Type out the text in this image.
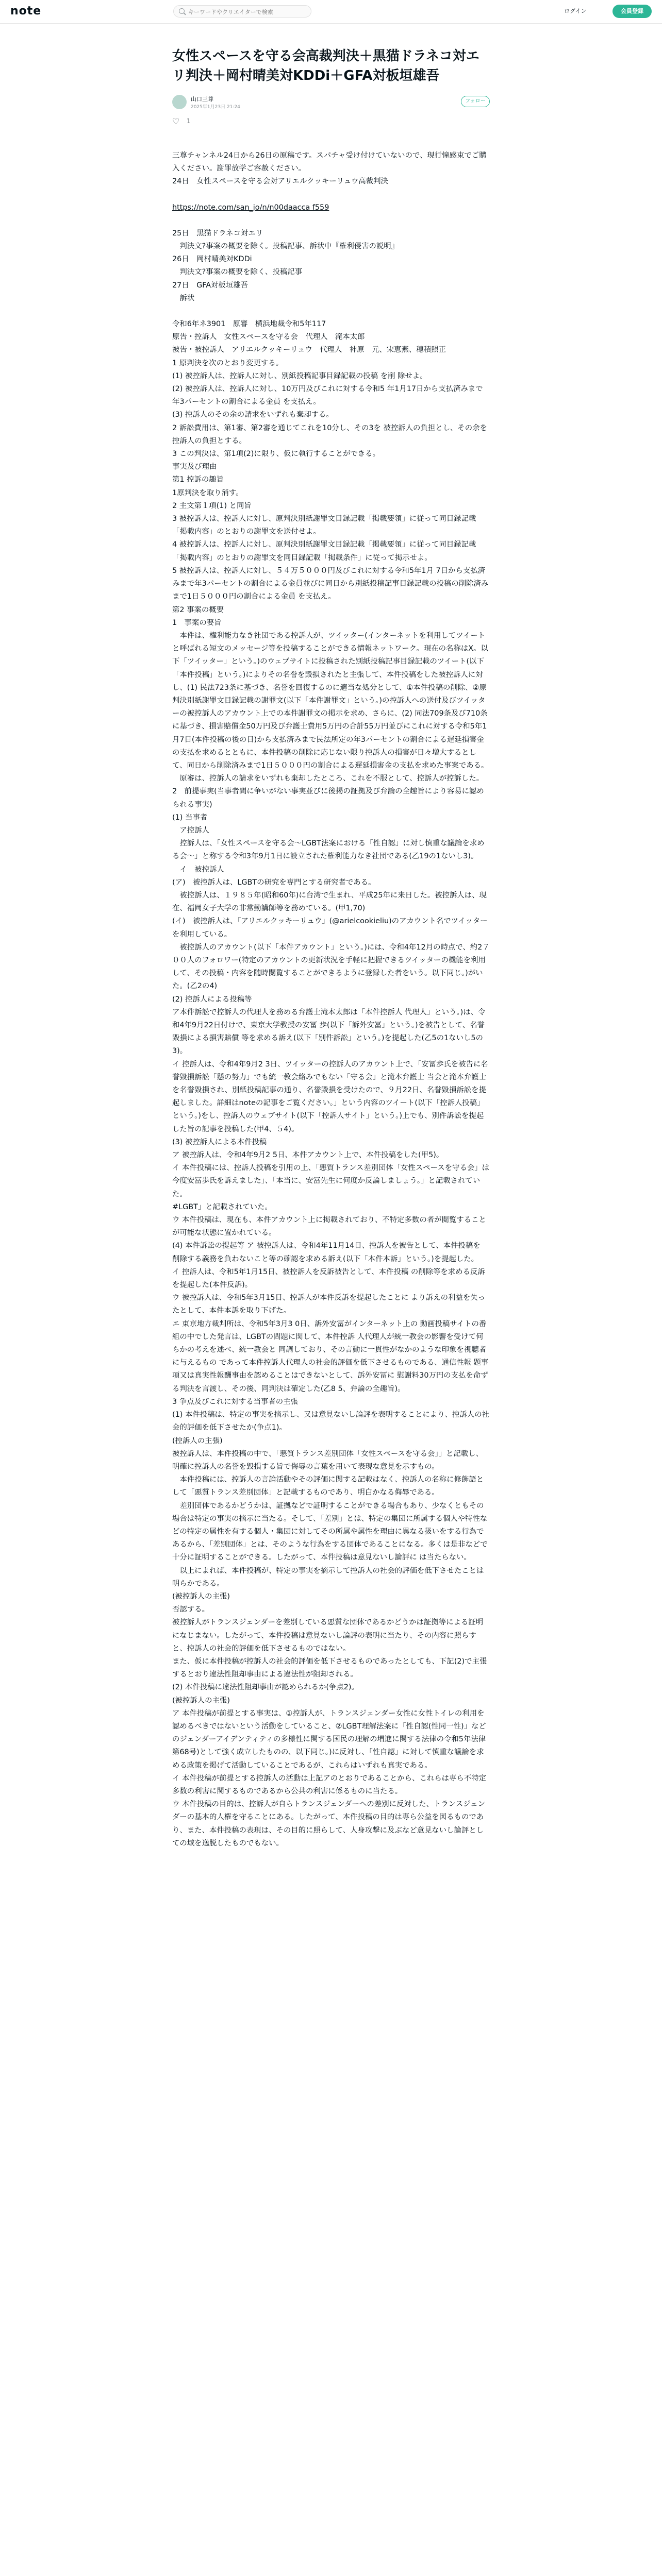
note
キーワードやクリエイターで検索	ログイン	会員登録
女性スペースを守る会高裁判決＋黒猫ドラネコ対エリ判決＋岡村晴美対KDDi＋GFA対板垣雄吾
山口三尊
2025年1月23日 21:24
フォロー
♡ 1

三尊チャンネル24日から26日の原稿です。スパチャ受け付けていないので、現行憧感束でご購入ください。謝罪放学ご容赦ください。

24日　女性スペースを守る会対アリエルクッキーリュウ高裁判決

https://note.com/san_jo/n/n00daacca f559

25日　黒猫ドラネコ対エリ
　判決文?事案の概要を除く。投稿記事、訴状中『権利侵害の説明』

26日　岡村晴美対KDDi
　判決文?事案の概要を除く、投稿記事

27日　GFA対板垣雄吾
　訴状

令和6年ネ3901　原審　横浜地裁令和5年117
原告・控訴人　女性スペースを守る会　代理人　滝本太郎
被告・被控訴人　アリエルクッキーリュウ　代理人　神原　元、宋恵燕、穂積照正
1 原判決を次のとおり変更する。
(1) 被控訴人は、控訴人に対し、別紙投稿記事目録記載の投稿 を削 除せよ。
(2) 被控訴人は、控訴人に対し、10万円及びこれに対する令和5 年1月17日から支払済みまで年3パーセントの割合による金員 を支払え。
(3) 控訴人のその余の請求をいずれも棄却する。
2 訴訟費用は、第1審、第2審を通じてこれを10分し、その3を 被控訴人の負担とし、その余を控訴人の負担とする。
3 この判決は、第1項(2)に限り、仮に執行することができる。
事実及び理由
第1 控訴の趣旨
1原判決を取り消す。
2 主文第１項(1) と同旨
3 被控訴人は、控訴人に対し、原判決別紙謝罪文目録記載「掲載要領」に従って同目録記載「掲載内容」のとおりの謝罪文を送付せよ。
4 被控訴人は、控訴人に対し、原判決別紙謝罪文目録記載「掲載要領」に従って同目録記載「掲載内容」のとおりの謝罪文を同目録記載「掲載条件」に従って掲示せよ。
5 被控訴人は、控訴人に対し、５４万５０００円及びこれに対する令和5年1月 7日から支払済みまで年3パーセントの割合による金員並びに同日から別紙投稿記事目録記載の投稿の削除済みまで1日５０００円の割合による金員 を支払え。
第2 事案の概要
1　事案の要旨
　本件は、権利能力なき社団である控訴人が、ツイッター(インターネットを利用してツイートと呼ばれる短文のメッセージ等を投稿することができる情報ネットワーク。現在の名称はX。以下「ツイッター」という。)のウェブサイトに投稿された別紙投稿記事目録記載のツイート(以下「本件投稿」という。)によりその名誉を毀損されたと主張して、本件投稿をした被控訴人に対し、(1) 民法723条に基づき、名誉を回復するのに適当な処分として、①本件投稿の削除、②原判決別紙謝罪文目録記載の謝罪文(以下「本件謝罪文」という。)の控訴人への送付及びツイッターの被控訴人のアカウント上での本件謝罪文の掲示を求め、さらに、(2) 同法709条及び710条に基づき、損害賠償金50万円及び弁護士費用5万円の合計55万円並びにこれに対する令和5年1月7日(本件投稿の後の日)から支払済みまで民法所定の年3パーセントの割合による遅延損害金の支払を求めるとともに、本件投稿の削除に応じない限り控訴人の損害が日々増大するとして、同日から削除済みまで1日５０００円の割合による遅延損害金の支払を求めた事案である。
　原審は、控訴人の請求をいずれも棄却したところ、これを不服として、控訴人が控訴した。
2　前提事実(当事者間に争いがない事実並びに後掲の証拠及び弁論の全趣旨により容易に認められる事実)
(1) 当事者
　ア控訴人
　控訴人は、「女性スペースを守る会～LGBT法案における「性自認」に対し慎重な議論を求める会～」と称する令和3年9月1日に設立された権利能力なき社団である(乙19の1ないし3)。
　イ　被控訴人
(ア)　被控訴人は、LGBTの研究を専門とする研究者である。
　被控訴人は、１９８５年(昭和60年)に台湾で生まれ、平成25年に来日した。被控訴人は、現在、福岡女子大学の非常勤講師等を務めている。(甲1,70)
(イ)　被控訴人は、「アリエルクッキーリュウ」(@arielcookieliu)のアカウント名でツイッターを利用している。
　被控訴人のアカウント(以下「本件アカウント」という。)には、令和4年12月の時点で、約2７００人のフォロワー(特定のアカウントの更新状況を手軽に把握できるツイッターの機能を利用して、その投稿・内容を随時閲覧することができるように登録した者をいう。以下同じ。)がいた。(乙2の4)
(2) 控訴人による投稿等
ア本件訴訟で控訴人の代理人を務める弁護士滝本太郎は「本件控訴人 代理人」という。)は、令和4年9月22日付けで、東京大学教授の安冨 歩(以下「訴外安冨」という。)を被告として、名誉毀損による損害賠償 等を求める訴え(以下「別件訴訟」という。)を提起した(乙5の1ないし5の3)。
イ 控訴人は、令和4年9月2 3日、ツイッターの控訴人のアカウント上で、「安冨歩氏を被告に名誉毀損訴訟「懸の努力」でも統一教会絡みでもない「守る会」と滝本弁護士 当会と滝本弁護士を名誉毀損され、別紙投稿記事の通り、名誉毀損を受けたので、９月22日、名誉毀損訴訟を提起しました。詳細はnoteの記事をご覧ください。」という内容のツイート(以下「控訴人投稿」という。)をし、控訴人のウェブサイト(以下「控訴人サイト」という。)上でも、別件訴訟を提起した旨の記事を投稿した(甲4、５4)。
(3) 被控訴人による本件投稿
ア 被控訴人は、令和4年9月2 5日、本件アカウント上で、本件投稿をした(甲5)。
イ 本件投稿には、控訴人投稿を引用の上、「悪質トランス差別団体「女性スペースを守る会」は今度安冨歩氏を訴えました」、「本当に、安冨先生に何度か反論しましょう。」と記載されていた。
#LGBT」と記載されていた。
ウ 本件投稿は、現在も、本件アカウント上に掲載されており、不特定多数の者が閲覧することが可能な状態に置かれている。
(4) 本件訴訟の提起等 ア 被控訴人は、令和4年11月14日、控訴人を被告として、本件投稿を 削除する義務を負わないこと等の確認を求める訴え(以下「本件本訴」という。)を提起した。
イ 控訴人は、令和5年1月15日、被控訴人を反訴被告として、本件投稿 の削除等を求める反訴を提起した(本件反訴)。
ウ 被控訴人は、令和5年3月15日、控訴人が本件反訴を提起したことに より訴えの利益を失ったとして、本件本訴を取り下げた。
エ 東京地方裁判所は、令和5年3月3 0日、訴外安冨がインターネット上の 動画投稿サイトの番組の中でした発言は、LGBTの問題に関して、本件控訴 人代理人が統一教会の影響を受けて何らかの考えを述べ、統一教会と 同調しており、その言動に一貫性がなかのような印象を視聴者に与えるもの であって本件控訴人代理人の社会的評価を低下させるものである、通信性報 題事項又は真実性報酬事由を認めることはできないとして、訴外安冨に 慰謝料30万円の支払を命ずる判決を言渡し、その後、同判決は確定した(乙8 5、弁論の全趣旨)。
3 争点及びこれに対する当事者の主張
(1) 本件投稿は、特定の事実を摘示し、又は意見ないし論評を表明することにより、控訴人の社会的評価を低下させたか(争点1)。
(控訴人の主張)
被控訴人は、本件投稿の中で、「悪質トランス差別団体「女性スペースを守る会」」と記載し、明確に控訴人の名誉を毀損する旨で侮辱の言葉を用いて表現な意見を示すもの。
　本件投稿には、控訴人の言論活動やその評価に関する記載はなく、控訴人の名称に修飾語として「悪質トランス差別団体」と記載するものであり、明白かなる侮辱である。
　差別団体であるかどうかは、証拠などで証明することができる場合もあり、少なくともその場合は特定の事実の摘示に当たる。そして、「差別」とは、特定の集団に所属する個人や特性などの特定の属性を有する個人・集団に対してその所属や属性を理由に異なる扱いをする行為であるから、「差別団体」とは、そのような行為をする団体であることになる。多くは是非などで十分に証明することができる。したがって、本件投稿は意見ないし論評に は当たらない。
　以上によれば、本件投稿が、特定の事実を摘示して控訴人の社会的評価を低下させたことは明らかである。
(被控訴人の主張)
否認する。
被控訴人がトランスジェンダーを差別している悪質な団体であるかどうかは証拠等による証明になじまない。したがって、本件投稿は意見ないし論評の表明に当たり、その内容に照らすと、控訴人の社会的評価を低下させるものではない。
また、仮に本件投稿が控訴人の社会的評価を低下させるものであったとしても、下記(2)で主張するとおり違法性阻却事由による違法性が阻却される。
(2) 本件投稿に違法性阻却事由が認められるか(争点2)。
(被控訴人の主張)
ア 本件投稿が前提とする事実は、①控訴人が、トランスジェンダー女性に女性トイレの利用を認めるべきではないという活動をしていること、②LGBT理解法案に「性自認(性同一性)」などのジェンダーアイデンティティの多様性に関する国民の理解の増進に関する法律の令和5年法律第68号)として強く成立したものの、以下同じ。)に反対し、「性自認」に対して慎重な議論を求 める政策を掲げて活動していることであるが、これらはいずれも真実である。
イ 本件投稿が前提とする控訴人の活動は上記アのとおりであることから、これらは専ら不特定多数の利害に関するものであるから公共の利害に係るものに当たる。
ウ 本件投稿の目的は、控訴人が自らトランスジェンダーへの差別に反対した、トランスジェンダーの基本的人権を守ることにある。したがって、本件投稿の目的は専ら公益を図るものであり、また、本件投稿の表現は、その目的に照らして、人身攻撃に及ぶなど意見ないし論評としての域を逸脱したものでもない。
